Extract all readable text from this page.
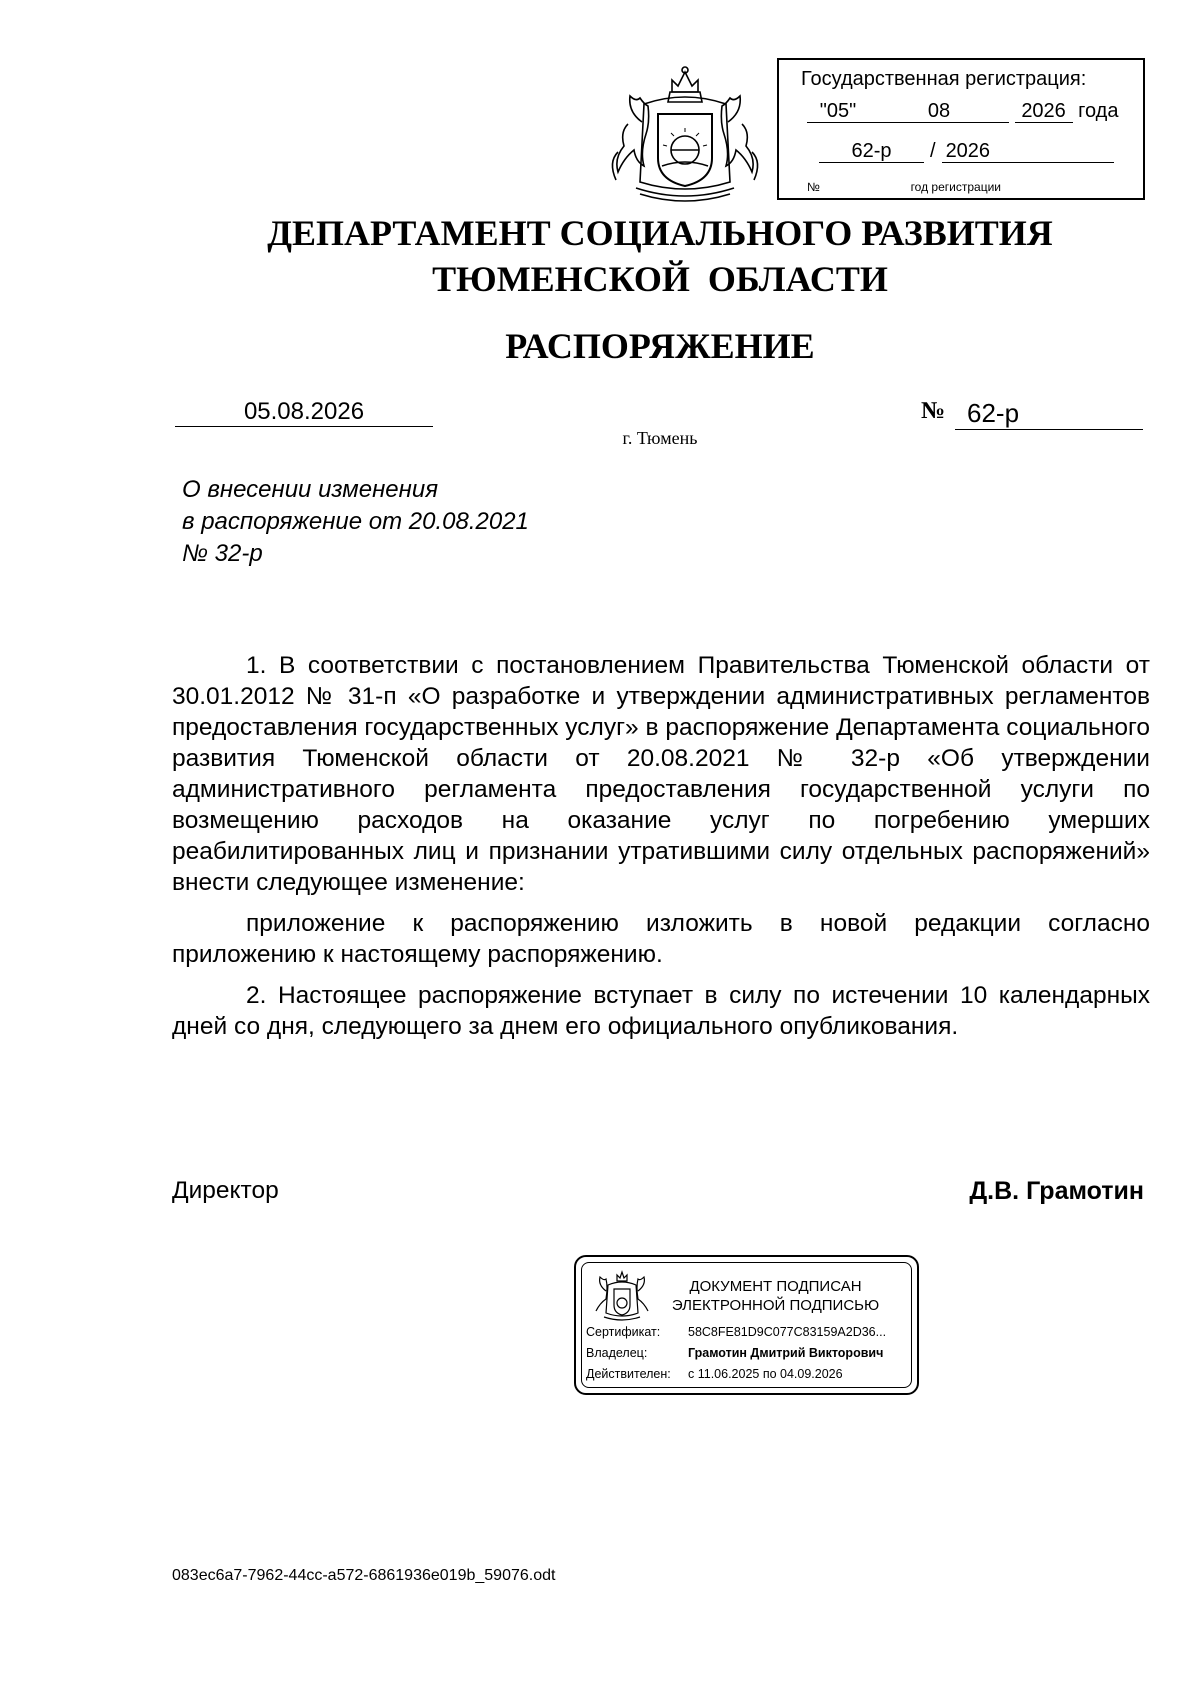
Государственная регистрация:
"05"	08	2026 года
62-р / 2026
№	год регистрации
ДЕПАРТАМЕНТ СОЦИАЛЬНОГО РАЗВИТИЯ
ТЮМЕНСКОЙ  ОБЛАСТИ
РАСПОРЯЖЕНИЕ
05.08.2026	№ 62-р
г. Тюмень
О внесении изменения
в распоряжение от 20.08.2021
№ 32-р

1. В соответствии с постановлением Правительства Тюменской области от 30.01.2012 № 31-п «О разработке и утверждении административных регламентов предоставления государственных услуг» в распоряжение Департамента социального развития Тюменской области от 20.08.2021 № 32-р «Об утверждении административного регламента предоставления государственной услуги по возмещению расходов на оказание услуг по погребению умерших реабилитированных лиц и признании утратившими силу отдельных распоряжений» внести следующее изменение:

приложение к распоряжению изложить в новой редакции согласно приложению к настоящему распоряжению.

2. Настоящее распоряжение вступает в силу по истечении 10 календарных дней со дня, следующего за днем его официального опубликования.

Директор	Д.В. Грамотин
ДОКУМЕНТ ПОДПИСАН
ЭЛЕКТРОННОЙ ПОДПИСЬЮ
Сертификат: 58C8FE81D9C077C83159A2D36...
Владелец:	Грамотин Дмитрий Викторович
Действителен: с 11.06.2025 по 04.09.2026
083ec6a7-7962-44cc-a572-6861936e019b_59076.odt
